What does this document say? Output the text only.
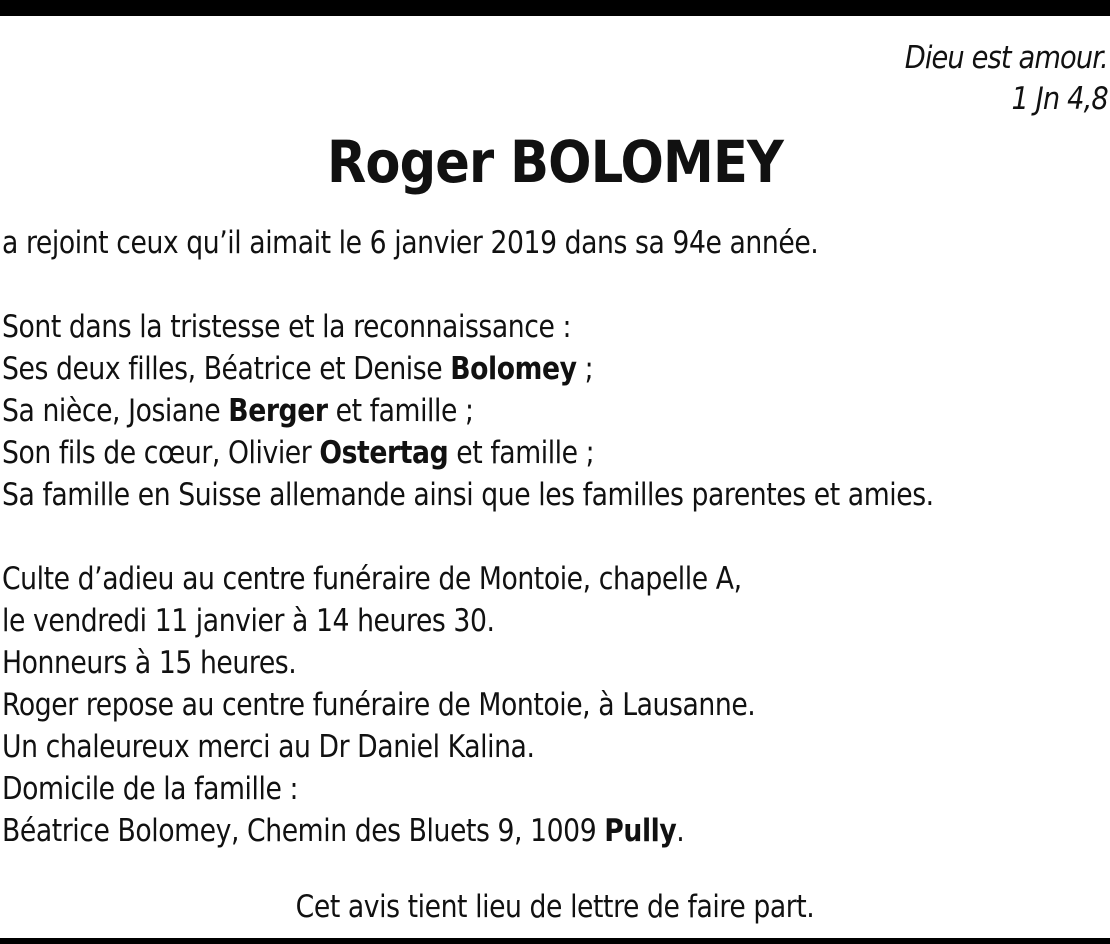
Dieu est amour.
1 Jn 4,8
Roger BOLOMEY
a rejoint ceux qu’il aimait le 6 janvier 2019 dans sa 94e année.
Sont dans la tristesse et la reconnaissance :
Ses deux filles, Béatrice et Denise Bolomey ;
Sa nièce, Josiane Berger et famille ;
Son fils de cœur, Olivier Ostertag et famille ;
Sa famille en Suisse allemande ainsi que les familles parentes et amies.
Culte d’adieu au centre funéraire de Montoie, chapelle A,
le vendredi 11 janvier à 14 heures 30.
Honneurs à 15 heures.
Roger repose au centre funéraire de Montoie, à Lausanne.
Un chaleureux merci au Dr Daniel Kalina.
Domicile de la famille :
Béatrice Bolomey, Chemin des Bluets 9, 1009 Pully.
Cet avis tient lieu de lettre de faire part.
